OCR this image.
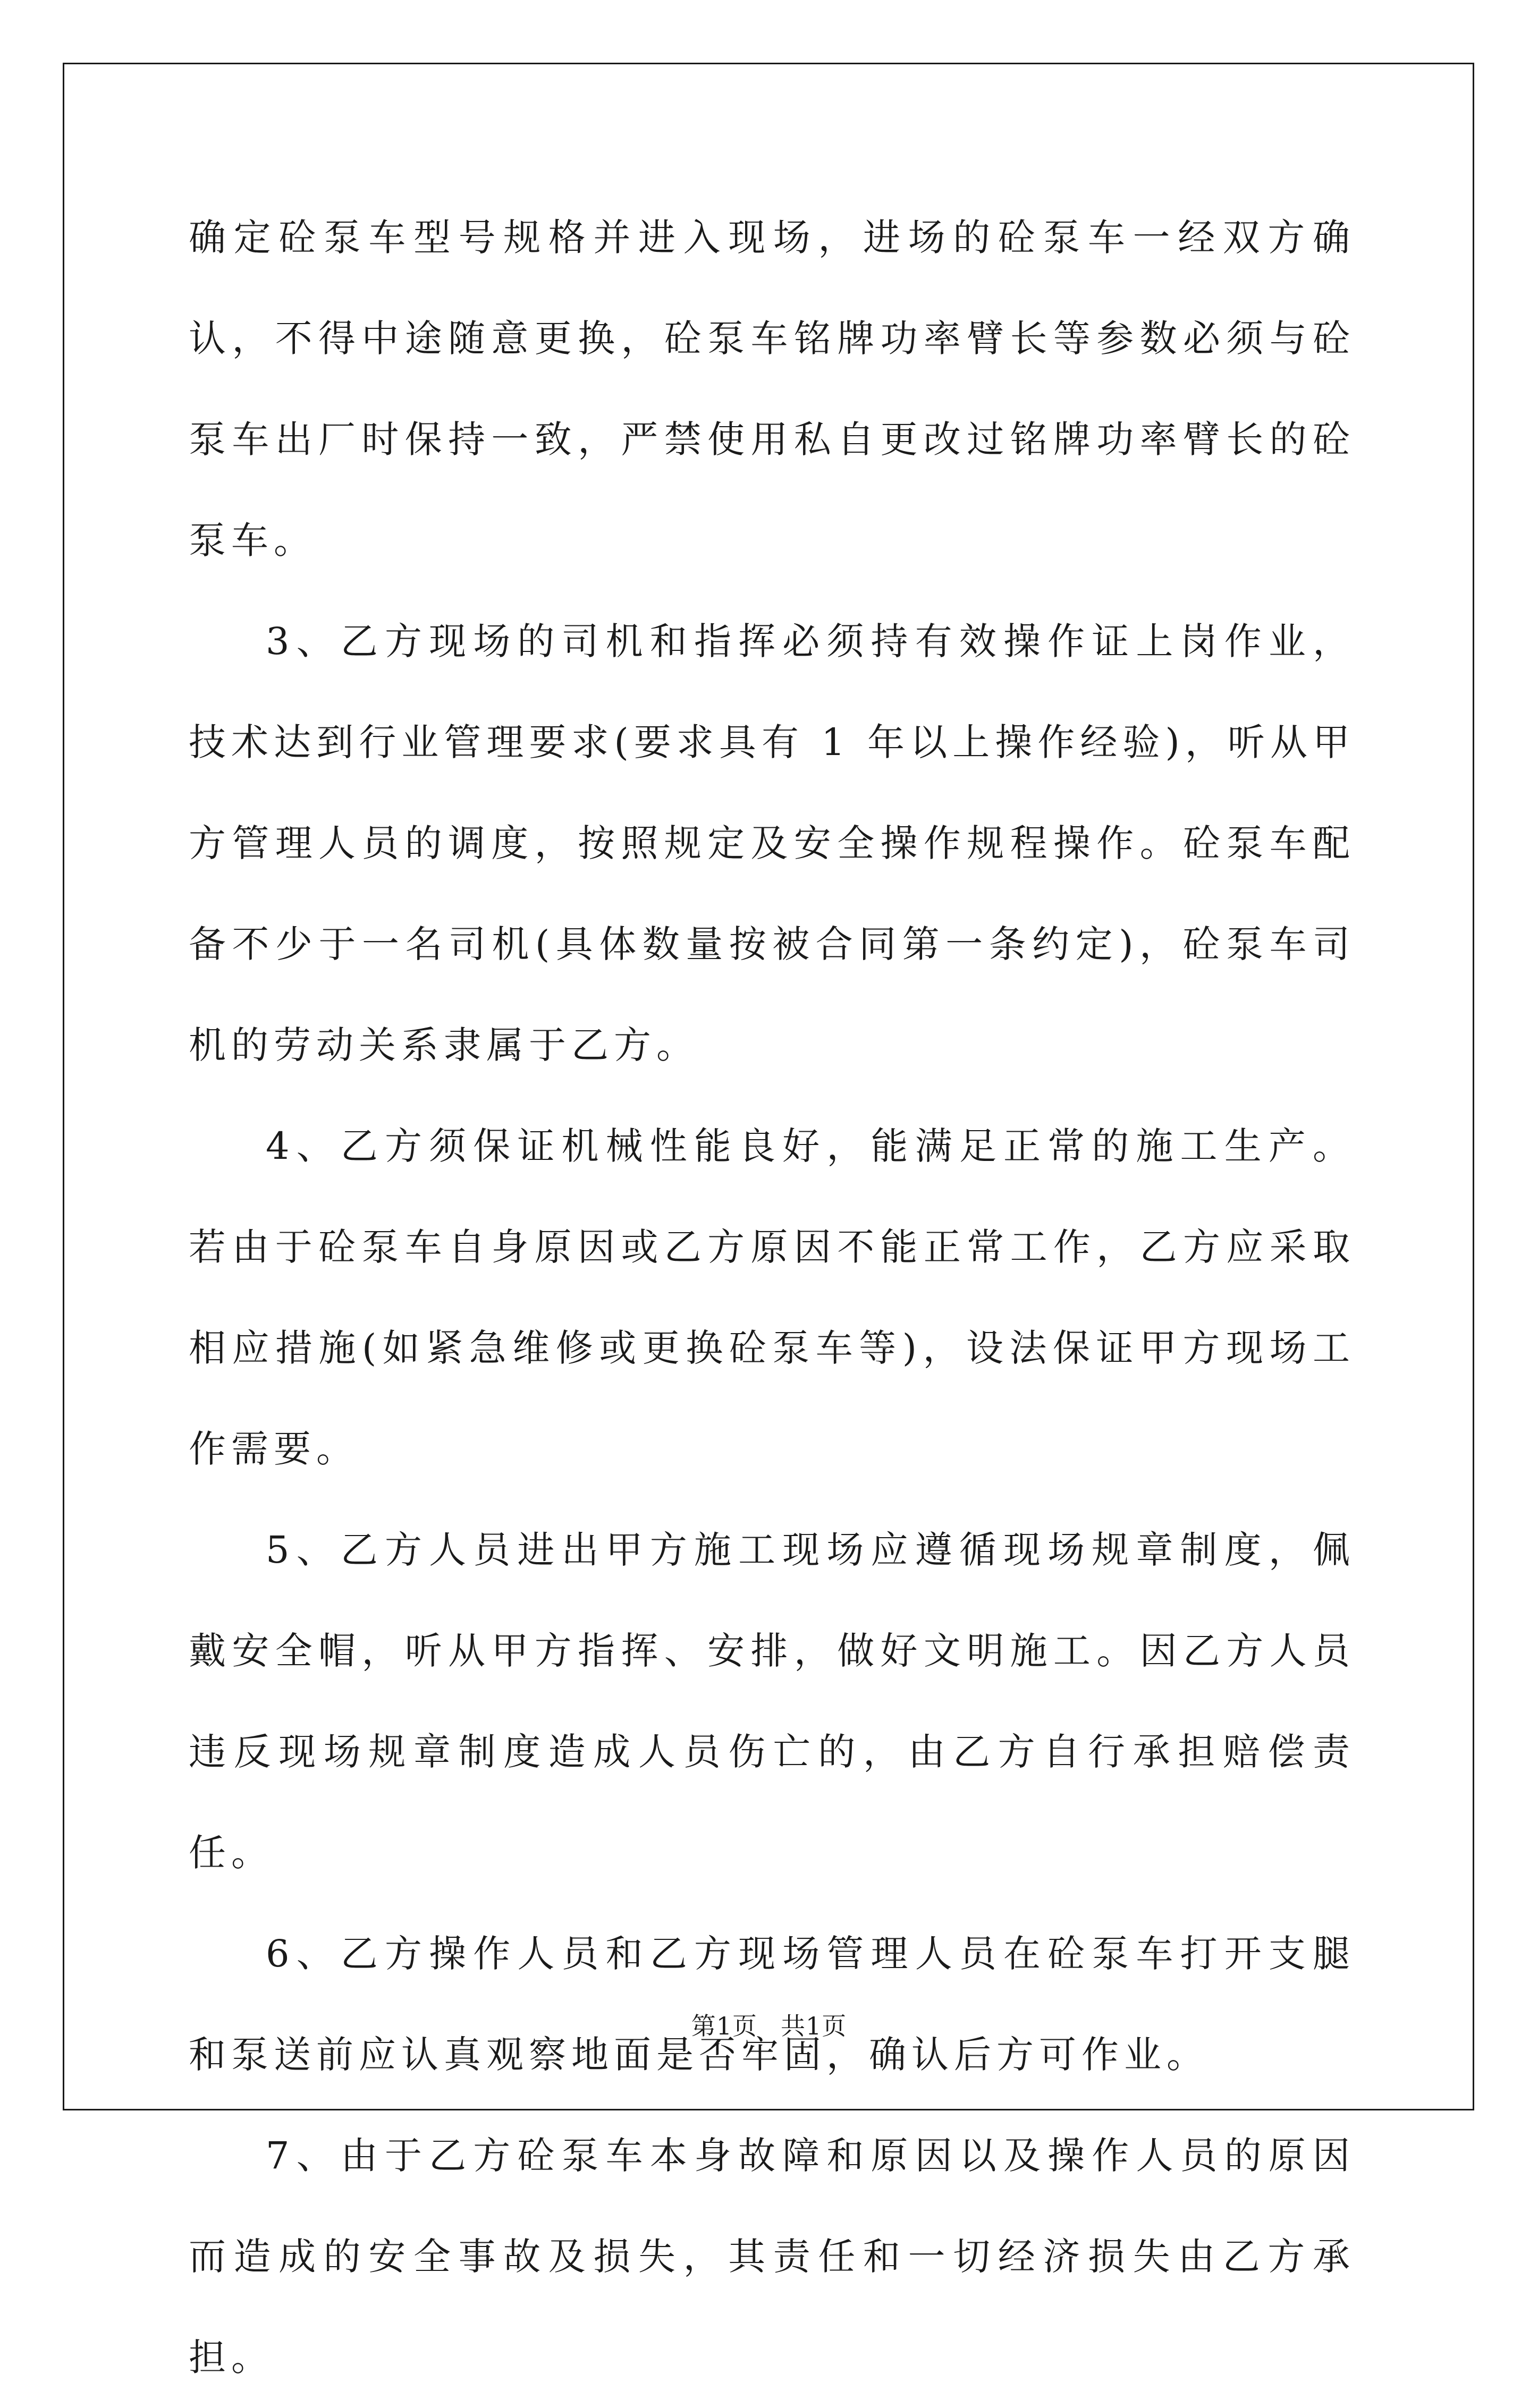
确定砼泵车型号规格并进入现场，进场的砼泵车一经双方确认，不得中途随意更换，砼泵车铭牌功率臂长等参数必须与砼泵车出厂时保持一致，严禁使用私自更改过铭牌功率臂长的砼泵车。

3、乙方现场的司机和指挥必须持有效操作证上岗作业，技术达到行业管理要求(要求具有 1 年以上操作经验)，听从甲方管理人员的调度，按照规定及安全操作规程操作。砼泵车配备不少于一名司机(具体数量按被合同第一条约定)，砼泵车司机的劳动关系隶属于乙方。

4、乙方须保证机械性能良好，能满足正常的施工生产。若由于砼泵车自身原因或乙方原因不能正常工作，乙方应采取相应措施(如紧急维修或更换砼泵车等)，设法保证甲方现场工作需要。

5、乙方人员进出甲方施工现场应遵循现场规章制度，佩戴安全帽，听从甲方指挥、安排，做好文明施工。因乙方人员违反现场规章制度造成人员伤亡的，由乙方自行承担赔偿责任。

6、乙方操作人员和乙方现场管理人员在砼泵车打开支腿和泵送前应认真观察地面是否牢固，确认后方可作业。

7、由于乙方砼泵车本身故障和原因以及操作人员的原因而造成的安全事故及损失，其责任和一切经济损失由乙方承担。

第1页 共1页
